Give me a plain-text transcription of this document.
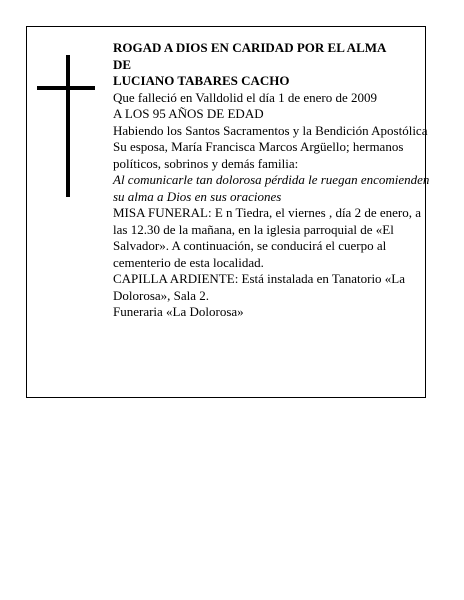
ROGAD A DIOS EN CARIDAD POR EL ALMA

DE

LUCIANO TABARES CACHO

Que falleció en Valldolid el día 1 de enero de 2009

A LOS 95 AÑOS DE EDAD

Habiendo los Santos Sacramentos y la Bendición Apostólica

Su esposa, María Francisca Marcos Argüello; hermanos políticos, sobrinos y demás familia:

Al comunicarle tan dolorosa pérdida le ruegan encomienden su alma a Dios en sus oraciones

MISA FUNERAL: E n Tiedra, el viernes , día 2 de enero, a las 12.30 de la mañana, en la iglesia parroquial de «El Salvador». A continuación, se conducirá el cuerpo al cementerio de esta localidad.

CAPILLA ARDIENTE: Está instalada en Tanatorio «La Dolorosa», Sala 2.

Funeraria «La Dolorosa»
